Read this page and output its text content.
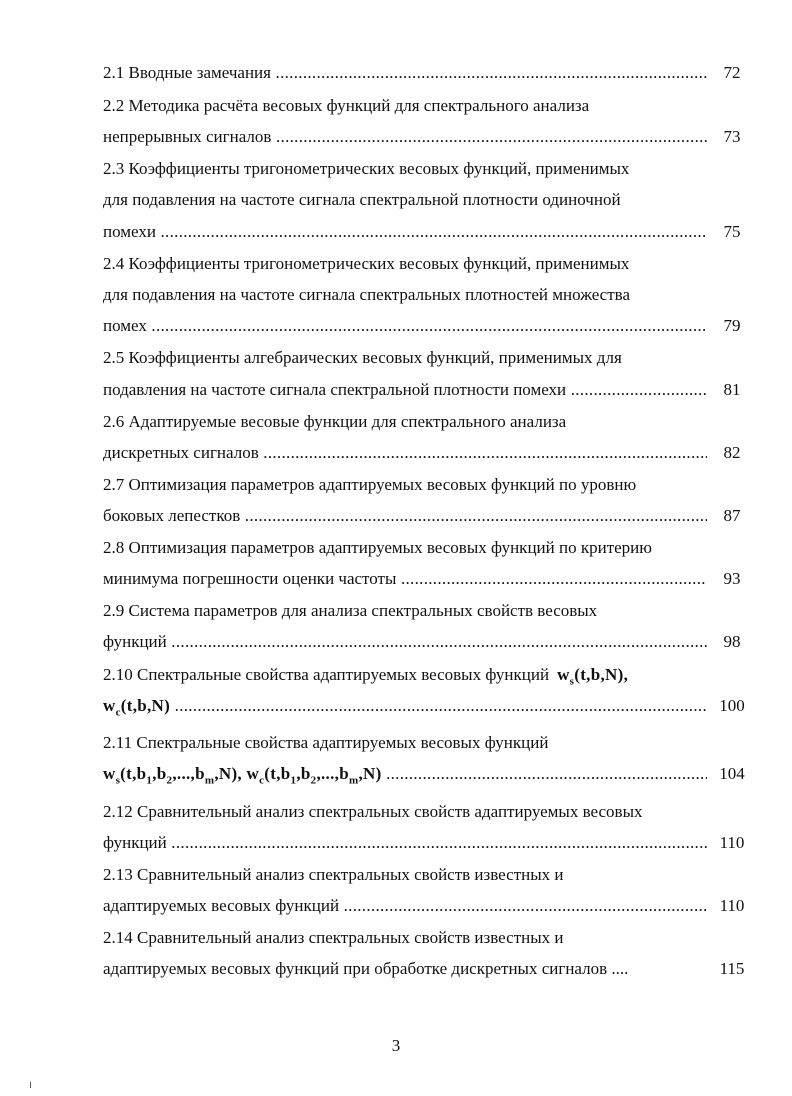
2.1 Вводные замечания .....	72
2.2 Методика расчёта весовых функций для спектрального анализа
непрерывных сигналов .....	73
2.3 Коэффициенты тригонометрических весовых функций, применимых
для подавления на частоте сигнала спектральной плотности одиночной
помехи .....	75
2.4 Коэффициенты тригонометрических весовых функций, применимых
для подавления на частоте сигнала спектральных плотностей множества
помех .....	79
2.5 Коэффициенты алгебраических весовых функций, применимых для
подавления на частоте сигнала спектральной плотности помехи .....	81
2.6 Адаптируемые весовые функции для спектрального анализа
дискретных сигналов .....	82
2.7 Оптимизация параметров адаптируемых весовых функций по уровню
боковых лепестков .....	87
2.8 Оптимизация параметров адаптируемых весовых функций по критерию
минимума погрешности оценки частоты .....	93
2.9 Система параметров для анализа спектральных свойств весовых
функций .....	98
2.10 Спектральные свойства адаптируемых весовых функций $w_s(t,b,N)$,
$w_c(t,b,N)$ .....	100
2.11 Спектральные свойства адаптируемых весовых функций
$w_s(t,b_1,b_2,...,b_m,N)$, $w_c(t,b_1,b_2,...,b_m,N)$ .....	104
2.12 Сравнительный анализ спектральных свойств адаптируемых весовых
функций .....	110
2.13 Сравнительный анализ спектральных свойств известных и
адаптируемых весовых функций .....	110
2.14 Сравнительный анализ спектральных свойств известных и
адаптируемых весовых функций при обработке дискретных сигналов ....	115
3
